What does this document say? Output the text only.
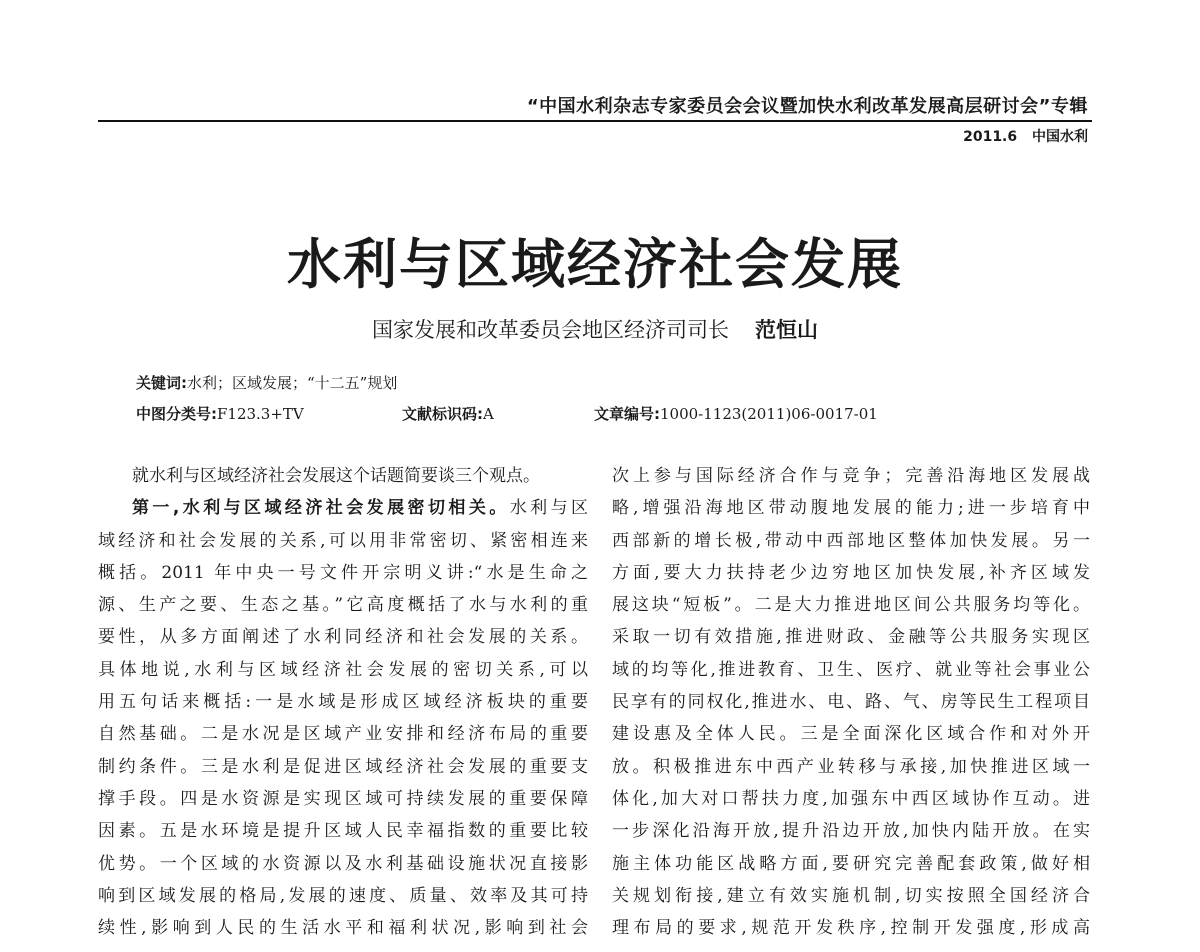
“中国水利杂志专家委员会会议暨加快水利改革发展高层研讨会”专辑
2011.6 中国水利
水利与区域经济社会发展
国家发展和改革委员会地区经济司司长 范恒山
关键词:水利；区域发展；“十二五”规划
中图分类号:F123.3+TV	文献标识码:A	文章编号:1000-1123(2011)06-0017-01

就水利与区域经济社会发展这个话题简要谈三个观点。

第一,水利与区域经济社会发展密切相关。水利与区

域经济和社会发展的关系,可以用非常密切、紧密相连来

概括。2011 年中央一号文件开宗明义讲:“水是生命之

源、生产之要、生态之基。”它高度概括了水与水利的重

要性，从多方面阐述了水利同经济和社会发展的关系。

具体地说,水利与区域经济社会发展的密切关系,可以

用五句话来概括:一是水域是形成区域经济板块的重要

自然基础。二是水况是区域产业安排和经济布局的重要

制约条件。三是水利是促进区域经济社会发展的重要支

撑手段。四是水资源是实现区域可持续发展的重要保障

因素。五是水环境是提升区域人民幸福指数的重要比较

优势。一个区域的水资源以及水利基础设施状况直接影

响到区域发展的格局,发展的速度、质量、效率及其可持

续性,影响到人民的生活水平和福利状况,影响到社会

次上参与国际经济合作与竞争；完善沿海地区发展战

略,增强沿海地区带动腹地发展的能力;进一步培育中

西部新的增长极,带动中西部地区整体加快发展。另一

方面,要大力扶持老少边穷地区加快发展,补齐区域发

展这块“短板”。二是大力推进地区间公共服务均等化。

采取一切有效措施,推进财政、金融等公共服务实现区

域的均等化,推进教育、卫生、医疗、就业等社会事业公

民享有的同权化,推进水、电、路、气、房等民生工程项目

建设惠及全体人民。三是全面深化区域合作和对外开

放。积极推进东中西产业转移与承接,加快推进区域一

体化,加大对口帮扶力度,加强东中西区域协作互动。进

一步深化沿海开放,提升沿边开放,加快内陆开放。在实

施主体功能区战略方面,要研究完善配套政策,做好相

关规划衔接,建立有效实施机制,切实按照全国经济合

理布局的要求,规范开发秩序,控制开发强度,形成高
